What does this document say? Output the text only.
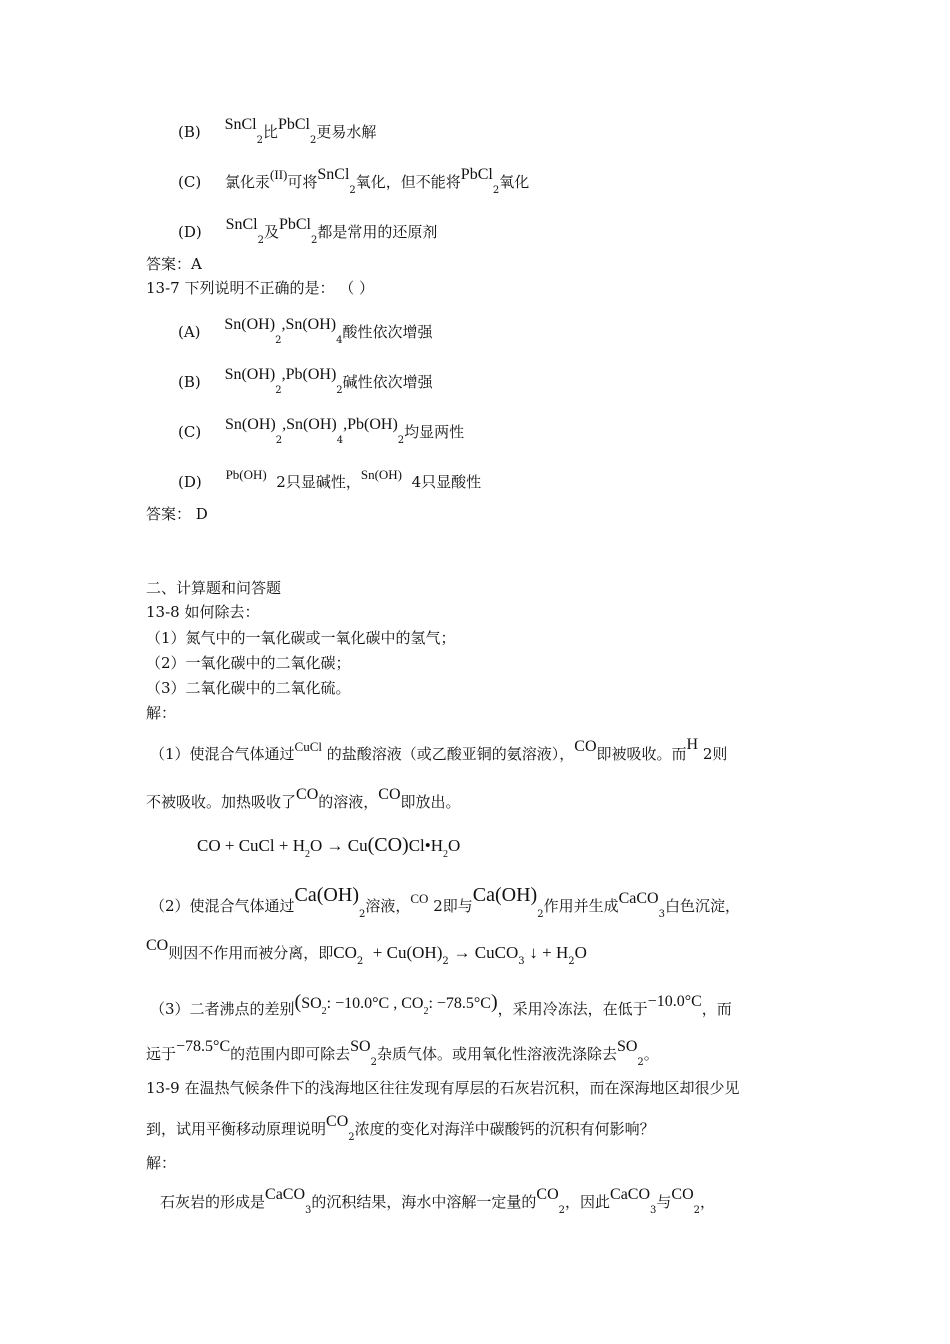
(B) SnCl$_2$比PbCl$_2$更易水解
(C) 氯化汞(II)可将SnCl$_2$氧化，但不能将PbCl$_2$氧化
(D) SnCl$_2$及PbCl$_2$都是常用的还原剂
答案：A
13-7 下列说明不正确的是： （ ）
(A) $Sn(OH)_2,Sn(OH)_4$酸性依次增强
(B) $Sn(OH)_2,Pb(OH)_2$碱性依次增强
(C) $Sn(OH)_2,Sn(OH)_4,Pb(OH)_2$均显两性
(D) Pb(OH) 2只显碱性，Sn(OH) 4只显酸性
答案： D
二、计算题和问答题
13-8 如何除去：
（1）氮气中的一氧化碳或一氧化碳中的氢气；
（2）一氧化碳中的二氧化碳；
（3）二氧化碳中的二氧化硫。
解：
（1）使混合气体通过CuCl 的盐酸溶液（或乙酸亚铜的氨溶液），CO即被吸收。而H 2则
不被吸收。加热吸收了CO的溶液，CO即放出。
CO + CuCl + $H_2O$ → $Cu(CO)Cl•H_2O$
（2）使混合气体通过$Ca(OH)_2$溶液，CO 2即与$Ca(OH)_2$作用并生成CaCO$_3$白色沉淀，
CO则因不作用而被分离，即$CO_2 + Cu(OH)_2$ → CuCO$_3$ ↓ + $H_2O$
（3）二者沸点的差别($SO_2$: −10.0°C , $CO_2$: −78.5°C)，采用冷冻法，在低于−10.0°C，而
远于−78.5°C的范围内即可除去$SO_2$杂质气体。或用氧化性溶液洗涤除去$SO_2$。
13-9 在温热气候条件下的浅海地区往往发现有厚层的石灰岩沉积，而在深海地区却很少见
到，试用平衡移动原理说明$CO_2$浓度的变化对海洋中碳酸钙的沉积有何影响？
解：
石灰岩的形成是CaCO$_3$的沉积结果，海水中溶解一定量的$CO_2$，因此CaCO$_3$与$CO_2$，
